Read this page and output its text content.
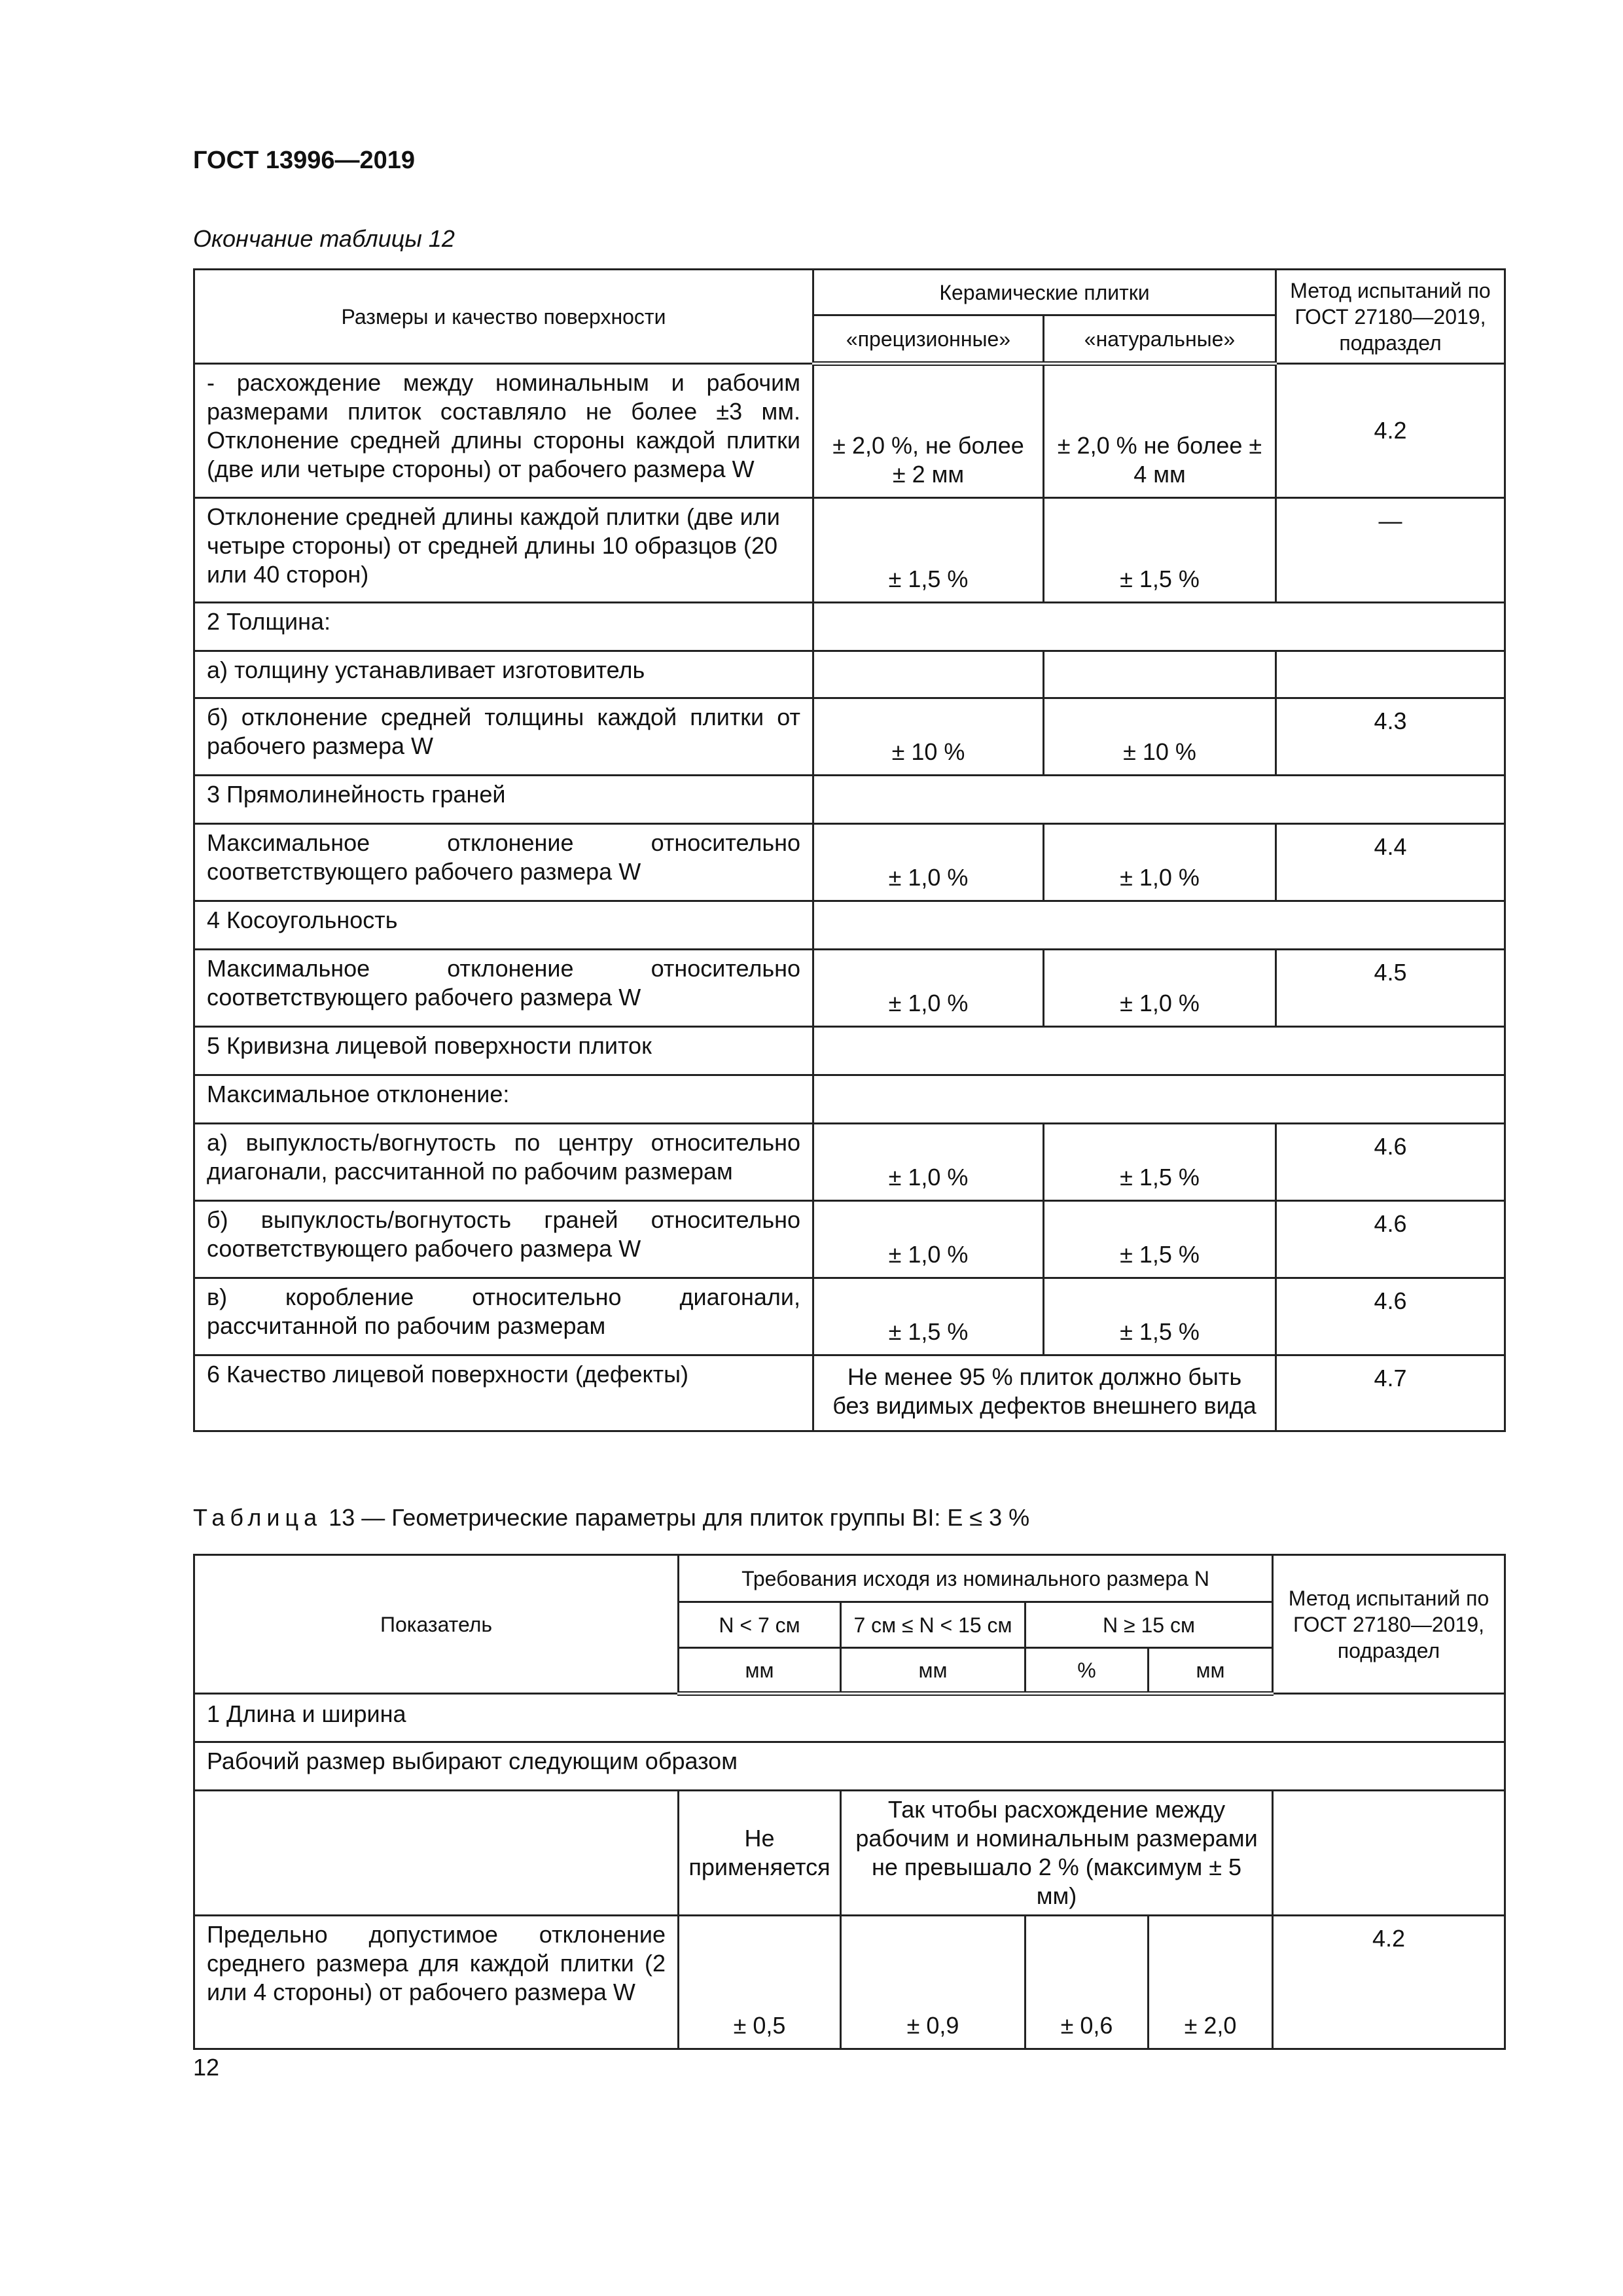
ГОСТ 13996—2019
Окончание таблицы 12
Размеры и качество поверхности	Керамические плитки		Метод испытаний по ГОСТ 27180—2019, подраздел
	«прецизионные»	«натуральные»	
- расхождение между номинальным и рабочим размерами плиток составляло не более ±3 мм. Отклонение средней длины стороны каждой плитки (две или четыре стороны) от рабочего размера W	± 2,0 %, не более ± 2 мм	± 2,0 % не более ± 4 мм	4.2
Отклонение средней длины каждой плитки (две или четыре стороны) от средней длины 10 образцов (20 или 40 сторон)	± 1,5 %	± 1,5 %	—
2 Толщина:			
а) толщину устанавливает изготовитель			
б) отклонение средней толщины каждой плитки от рабочего размера W	± 10 %	± 10 %	4.3
3 Прямолинейность граней			
Максимальное отклонение относительно соответствующего рабочего размера W	± 1,0 %	± 1,0 %	4.4
4 Косоугольность			
Максимальное отклонение относительно соответствующего рабочего размера W	± 1,0 %	± 1,0 %	4.5
5 Кривизна лицевой поверхности плиток			
Максимальное отклонение:			
а) выпуклость/вогнутость по центру относительно диагонали, рассчитанной по рабочим размерам	± 1,0 %	± 1,5 %	4.6
б) выпуклость/вогнутость граней относительно соответствующего рабочего размера W	± 1,0 %	± 1,5 %	4.6
в) коробление относительно диагонали, рассчитанной по рабочим размерам	± 1,5 %	± 1,5 %	4.6
6 Качество лицевой поверхности (дефекты)	Не менее 95 % плиток должно быть без видимых дефектов внешнего вида		4.7
Таблица 13 — Геометрические параметры для плиток группы BI: E ≤ 3 %
Показатель	Требования исходя из номинального размера N				Метод испытаний по ГОСТ 27180—2019, подраздел
	N < 7 см	7 см ≤ N < 15 см	N ≥ 15 см		
	мм	мм	%	мм	
1 Длина и ширина					
Рабочий размер выбирают следующим образом					
	Не применяется	Так чтобы расхождение между рабочим и номинальным размерами не превышало 2 % (максимум ± 5 мм)			
Предельно допустимое отклонение среднего размера для каждой плитки (2 или 4 стороны) от рабочего размера W	± 0,5	± 0,9	± 0,6	± 2,0	4.2
12
